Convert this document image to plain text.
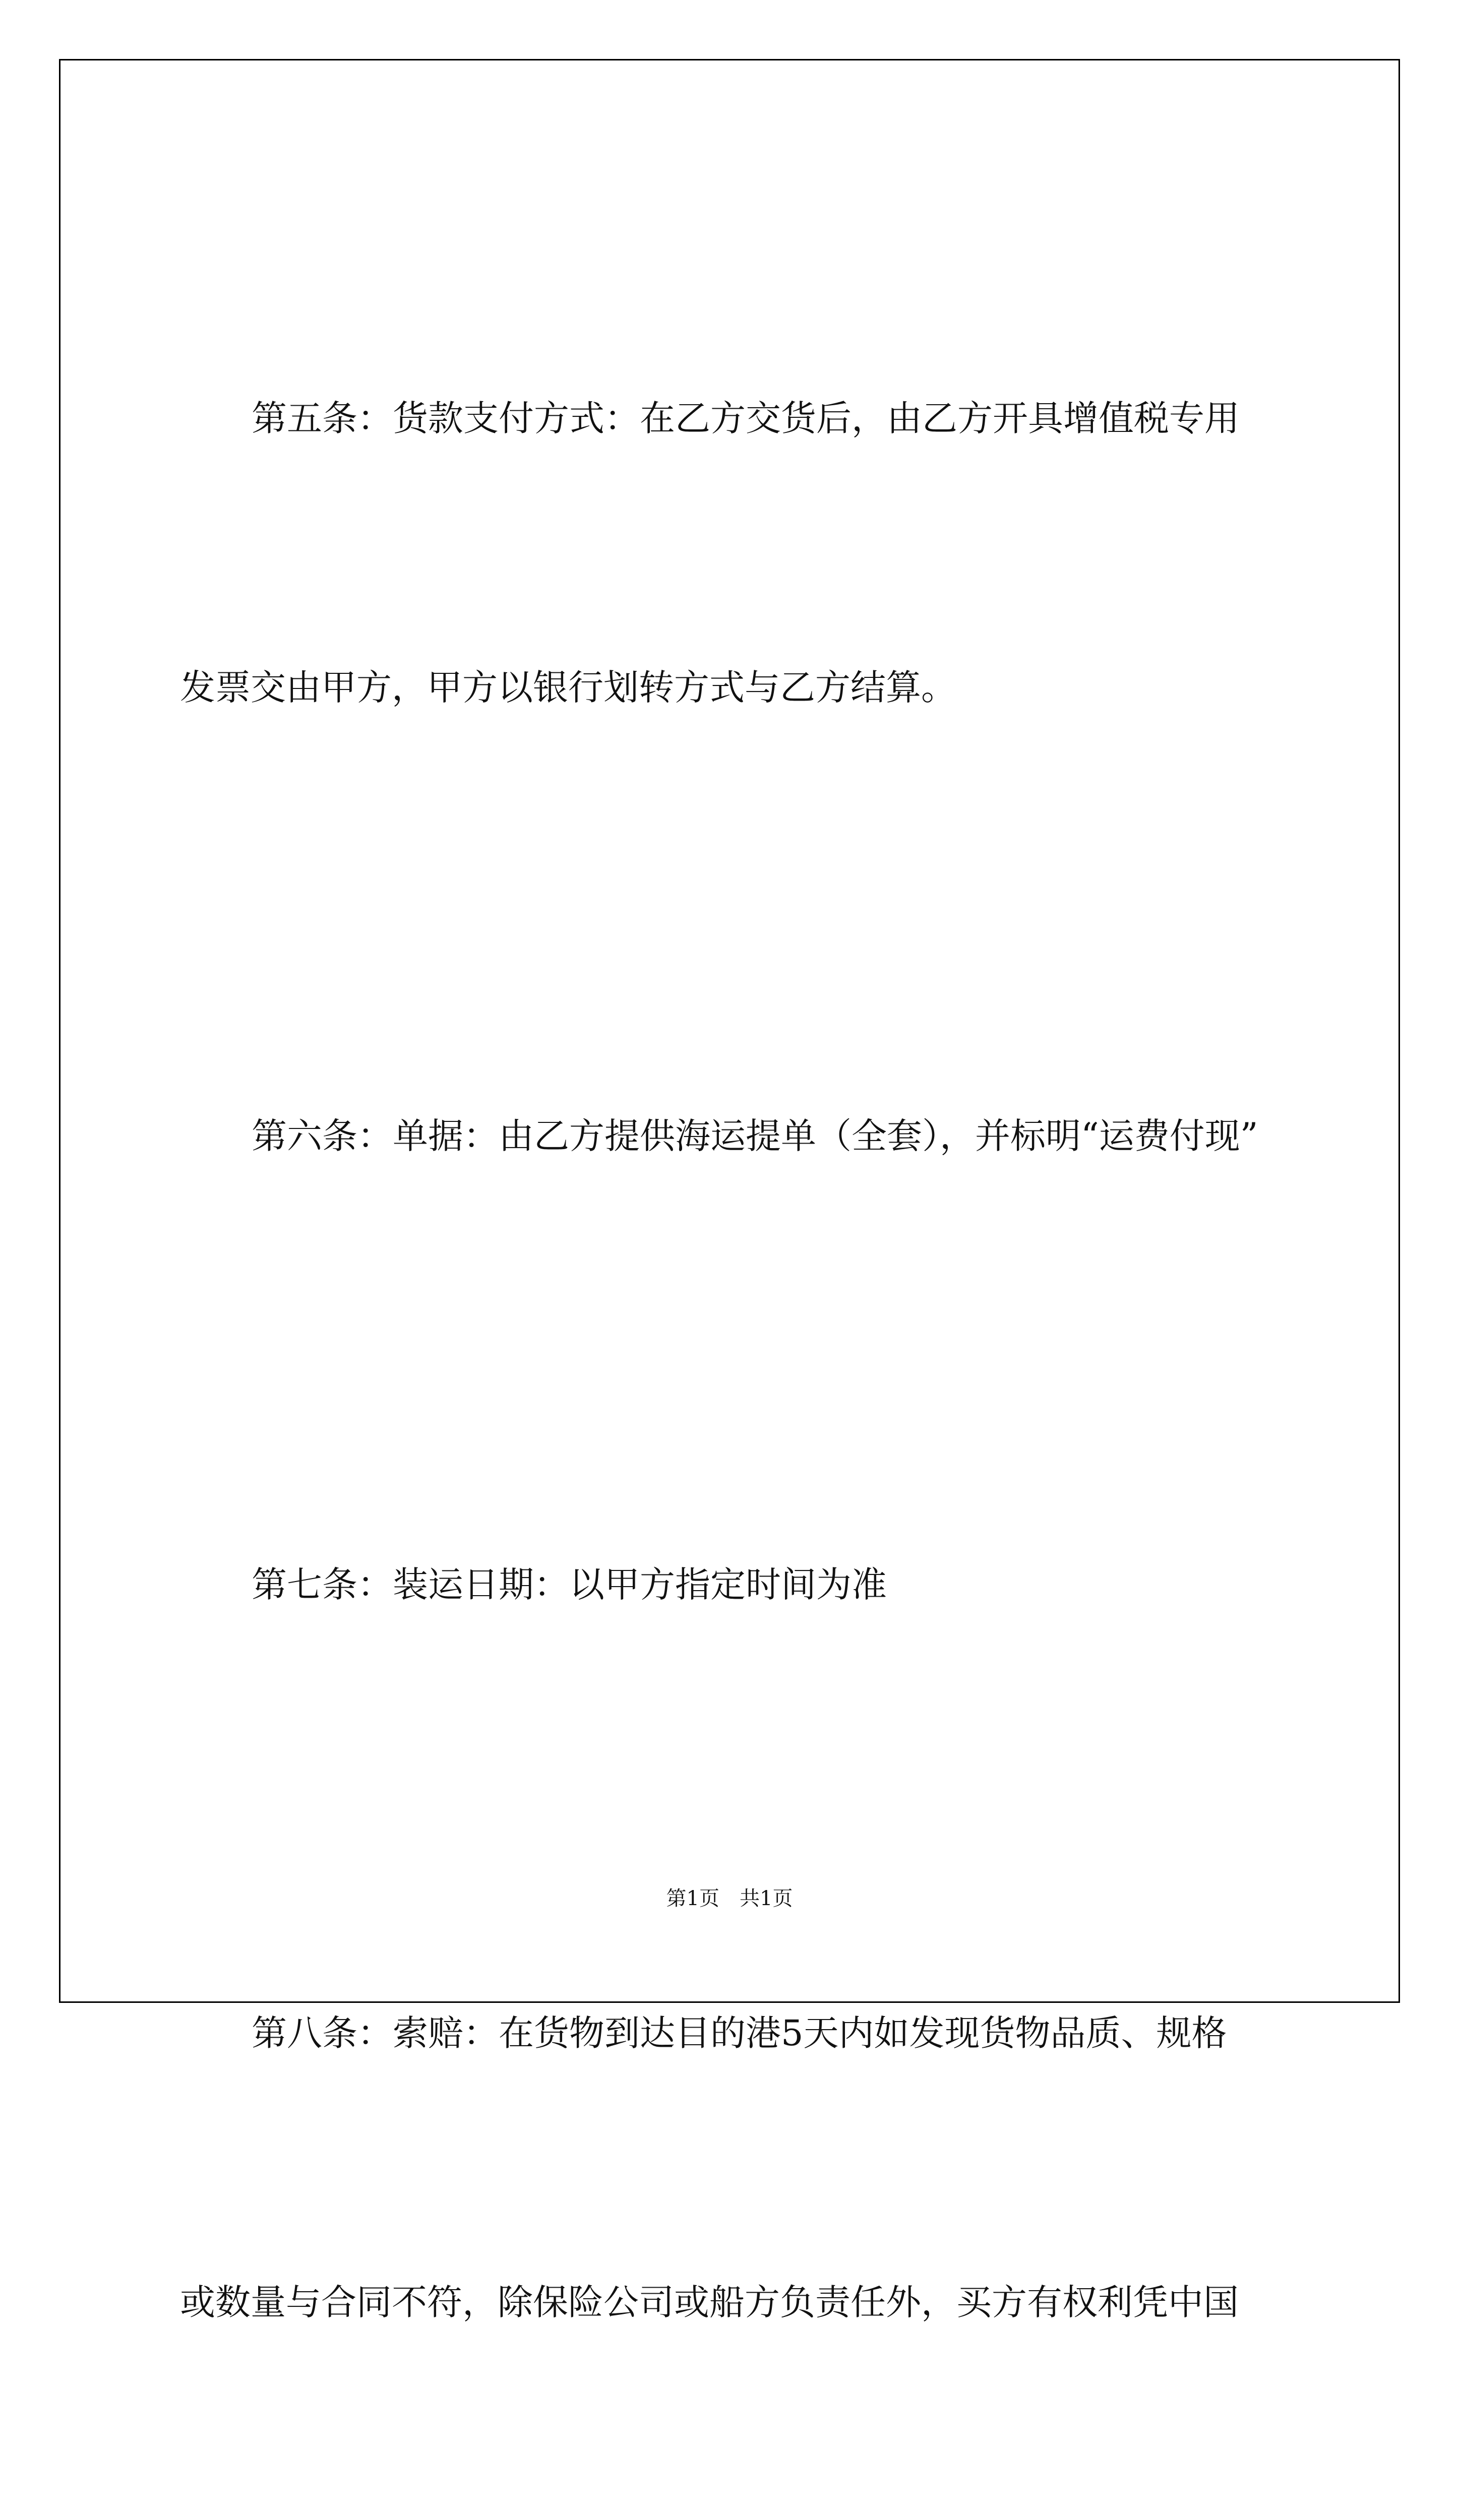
第五条：货款支付方式：在乙方交货后，由乙方开具增值税专用

发票交由甲方，甲方以银行划转方式与乙方结算。

第六条：单据：由乙方提供海运提单（全套），并标明“运费付现”

第七条：装运日期：以甲方指定时间为准

第八条：索赔：在货物到达目的港5天内如发现货物品质、规格

或数量与合同不符，除保险公司或船方负责任外，买方有权利凭中国

第1页　共1页
